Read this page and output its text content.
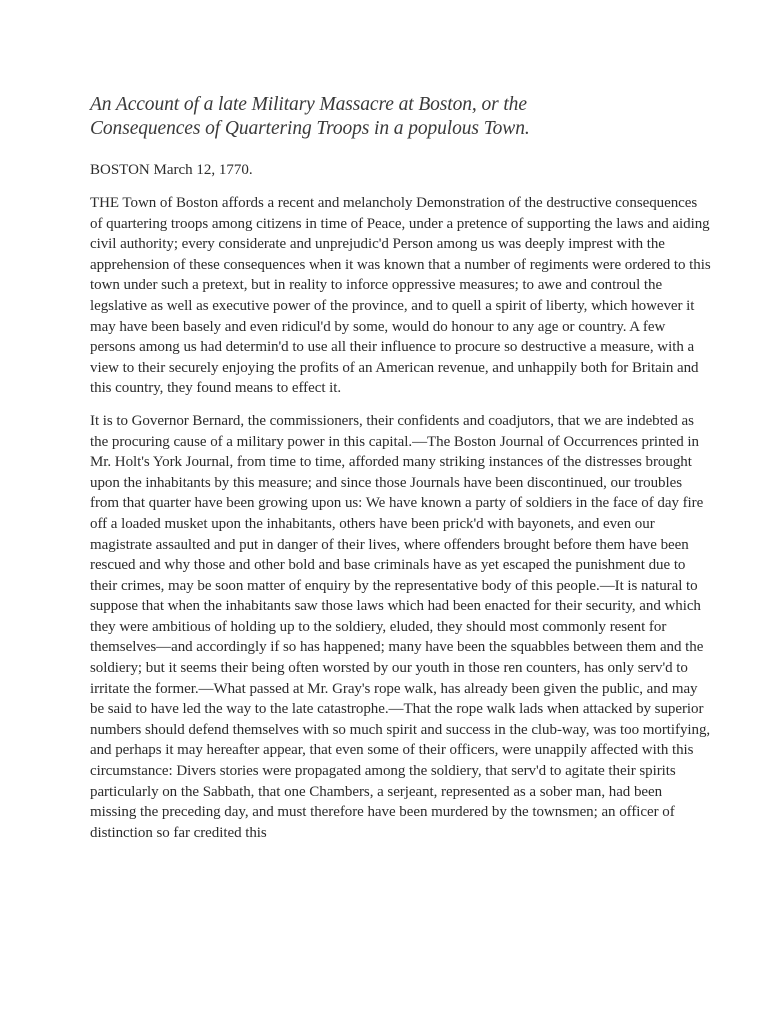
An Account of a late Military Massacre at Boston, or the
Consequences of Quartering Troops in a populous Town.

BOSTON March 12, 1770.

THE Town of Boston affords a recent and melancholy Demonstration of the destructive consequences of quartering troops among citizens in time of Peace, under a pretence of supporting the laws and aiding civil authority; every considerate and unprejudic'd Person among us was deeply imprest with the apprehension of these consequences when it was known that a number of regiments were ordered to this town under such a pretext, but in reality to inforce oppressive measures; to awe and controul the legslative as well as executive power of the province, and to quell a spirit of liberty, which however it may have been basely and even ridicul'd by some, would do honour to any age or country. A few persons among us had determin'd to use all their influence to procure so destructive a measure, with a view to their securely enjoying the profits of an American revenue, and unhappily both for Britain and this country, they found means to effect it.

It is to Governor Bernard, the commissioners, their confidents and coadjutors, that we are indebted as the procuring cause of a military power in this capital.—The Boston Journal of Occurrences printed in Mr. Holt's York Journal, from time to time, afforded many striking instances of the distresses brought upon the inhabitants by this measure; and since those Journals have been discontinued, our troubles from that quarter have been growing upon us: We have known a party of soldiers in the face of day fire off a loaded musket upon the inhabitants, others have been prick'd with bayonets, and even our magistrate assaulted and put in danger of their lives, where offenders brought before them have been rescued and why those and other bold and base criminals have as yet escaped the punishment due to their crimes, may be soon matter of enquiry by the representative body of this people.—It is natural to suppose that when the inhabitants saw those laws which had been enacted for their security, and which they were ambitious of holding up to the soldiery, eluded, they should most commonly resent for themselves—and accordingly if so has happened; many have been the squabbles between them and the soldiery; but it seems their being often worsted by our youth in those ren counters, has only serv'd to irritate the former.—What passed at Mr. Gray's rope walk, has already been given the public, and may be said to have led the way to the late catastrophe.—That the rope walk lads when attacked by superior numbers should defend themselves with so much spirit and success in the club-way, was too mortifying, and perhaps it may hereafter appear, that even some of their officers, were unappily affected with this circumstance: Divers stories were propagated among the soldiery, that serv'd to agitate their spirits particularly on the Sabbath, that one Chambers, a serjeant, represented as a sober man, had been missing the preceding day, and must therefore have been murdered by the townsmen; an officer of distinction so far credited this
